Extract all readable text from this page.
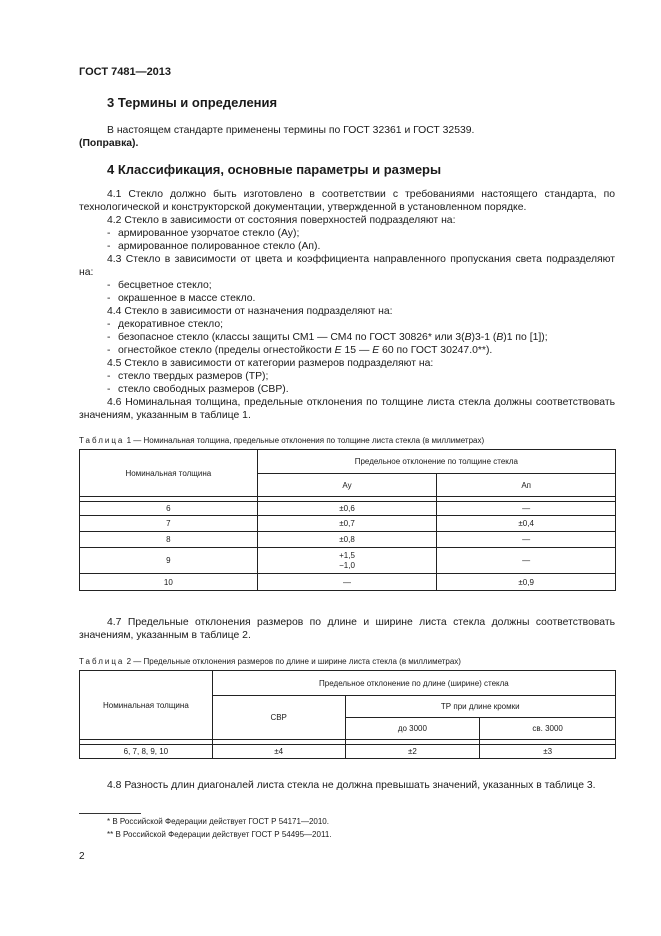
ГОСТ 7481—2013
3 Термины и определения

В настоящем стандарте применены термины по ГОСТ 32361 и ГОСТ 32539.
(Поправка).

4 Классификация, основные параметры и размеры

4.1 Стекло должно быть изготовлено в соответствии с требованиями настоящего стандарта, по технологической и конструкторской документации, утвержденной в установленном порядке.

4.2 Стекло в зависимости от состояния поверхностей подразделяют на:

- армированное узорчатое стекло (Ау);
- армированное полированное стекло (Ап).

4.3 Стекло в зависимости от цвета и коэффициента направленного пропускания света подразделяют на:

- бесцветное стекло;
- окрашенное в массе стекло.

4.4 Стекло в зависимости от назначения подразделяют на:

- декоративное стекло;
- безопасное стекло (классы защиты СМ1 — СМ4 по ГОСТ 30826* или 3(В)3-1 (В)1 по [1]);
- огнестойкое стекло (пределы огнестойкости Е 15 — Е 60 по ГОСТ 30247.0**).

4.5 Стекло в зависимости от категории размеров подразделяют на:

- стекло твердых размеров (ТР);
- стекло свободных размеров (СВР).

4.6 Номинальная толщина, предельные отклонения по толщине листа стекла должны соответствовать значениям, указанным в таблице 1.

Таблица 1 — Номинальная толщина, предельные отклонения по толщине листа стекла (в миллиметрах)
Номинальная толщина	Предельное отклонение по толщине стекла	
	Ау	Ап

6	±0,6	—
7	±0,7	±0,4
8	±0,8	—
9	+1,5
−1,0	—
10	—	±0,9

4.7 Предельные отклонения размеров по длине и ширине листа стекла должны соответствовать значениям, указанным в таблице 2.

Таблица 2 — Предельные отклонения размеров по длине и ширине листа стекла (в миллиметрах)
Номинальная толщина	Предельное отклонение по длине (ширине) стекла		
	СВР	ТР при длине кромки	
		до 3000	св. 3000

6, 7, 8, 9, 10	±4	±2	±3

4.8 Разность длин диагоналей листа стекла не должна превышать значений, указанных в таблице 3.

* В Российской Федерации действует ГОСТ Р 54171—2010.
** В Российской Федерации действует ГОСТ Р 54495—2011.
2
